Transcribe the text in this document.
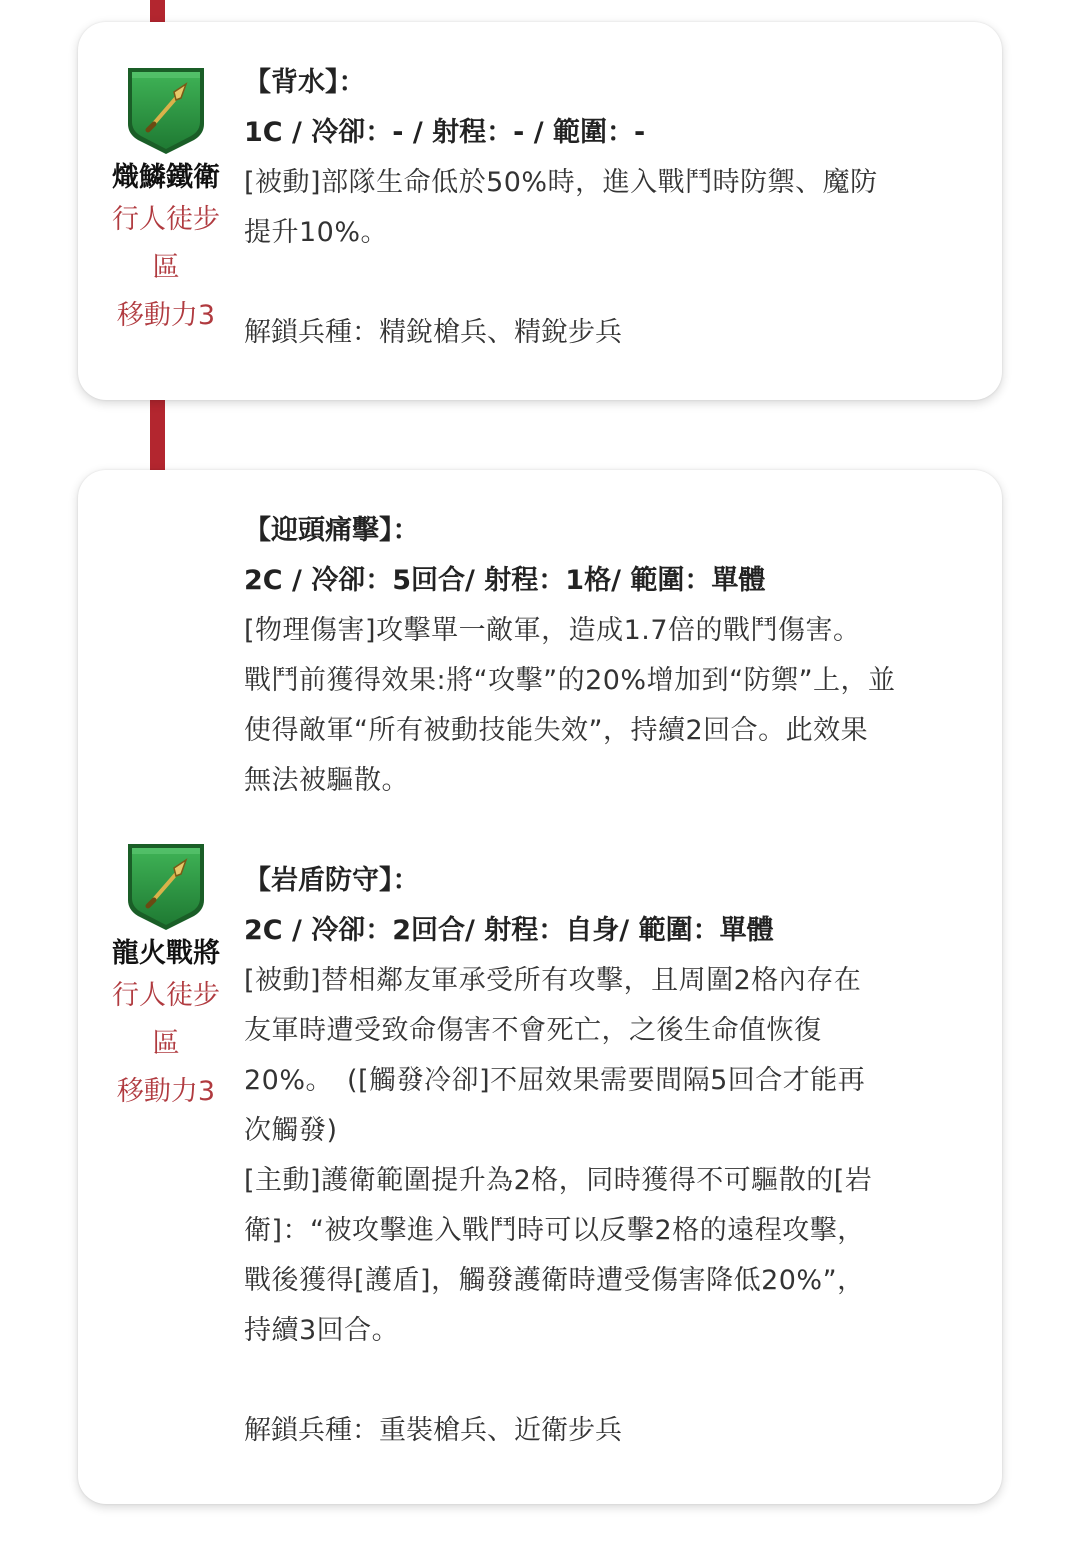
熾鱗鐵衛
行人徒步
區
移動力3
【背水】：
1C / 冷卻：- / 射程：- / 範圍：-
[被動]部隊生命低於50%時，進入戰鬥時防禦、魔防
提升10%。
解鎖兵種：精銳槍兵、精銳步兵
龍火戰將
行人徒步
區
移動力3
【迎頭痛擊】：
2C / 冷卻：5回合/ 射程：1格/ 範圍：單體
[物理傷害]攻擊單一敵軍，造成1.7倍的戰鬥傷害。
戰鬥前獲得效果:將“攻擊”的20%增加到“防禦”上，並
使得敵軍“所有被動技能失效”，持續2回合。此效果
無法被驅散。
【岩盾防守】：
2C / 冷卻：2回合/ 射程：自身/ 範圍：單體
[被動]替相鄰友軍承受所有攻擊，且周圍2格內存在
友軍時遭受致命傷害不會死亡，之後生命值恢復
20%。　([觸發冷卻]不屈效果需要間隔5回合才能再
次觸發)
[主動]護衛範圍提升為2格，同時獲得不可驅散的[岩
衛]：“被攻擊進入戰鬥時可以反擊2格的遠程攻擊，
戰後獲得[護盾]，觸發護衛時遭受傷害降低20%”，
持續3回合。
解鎖兵種：重裝槍兵、近衛步兵
